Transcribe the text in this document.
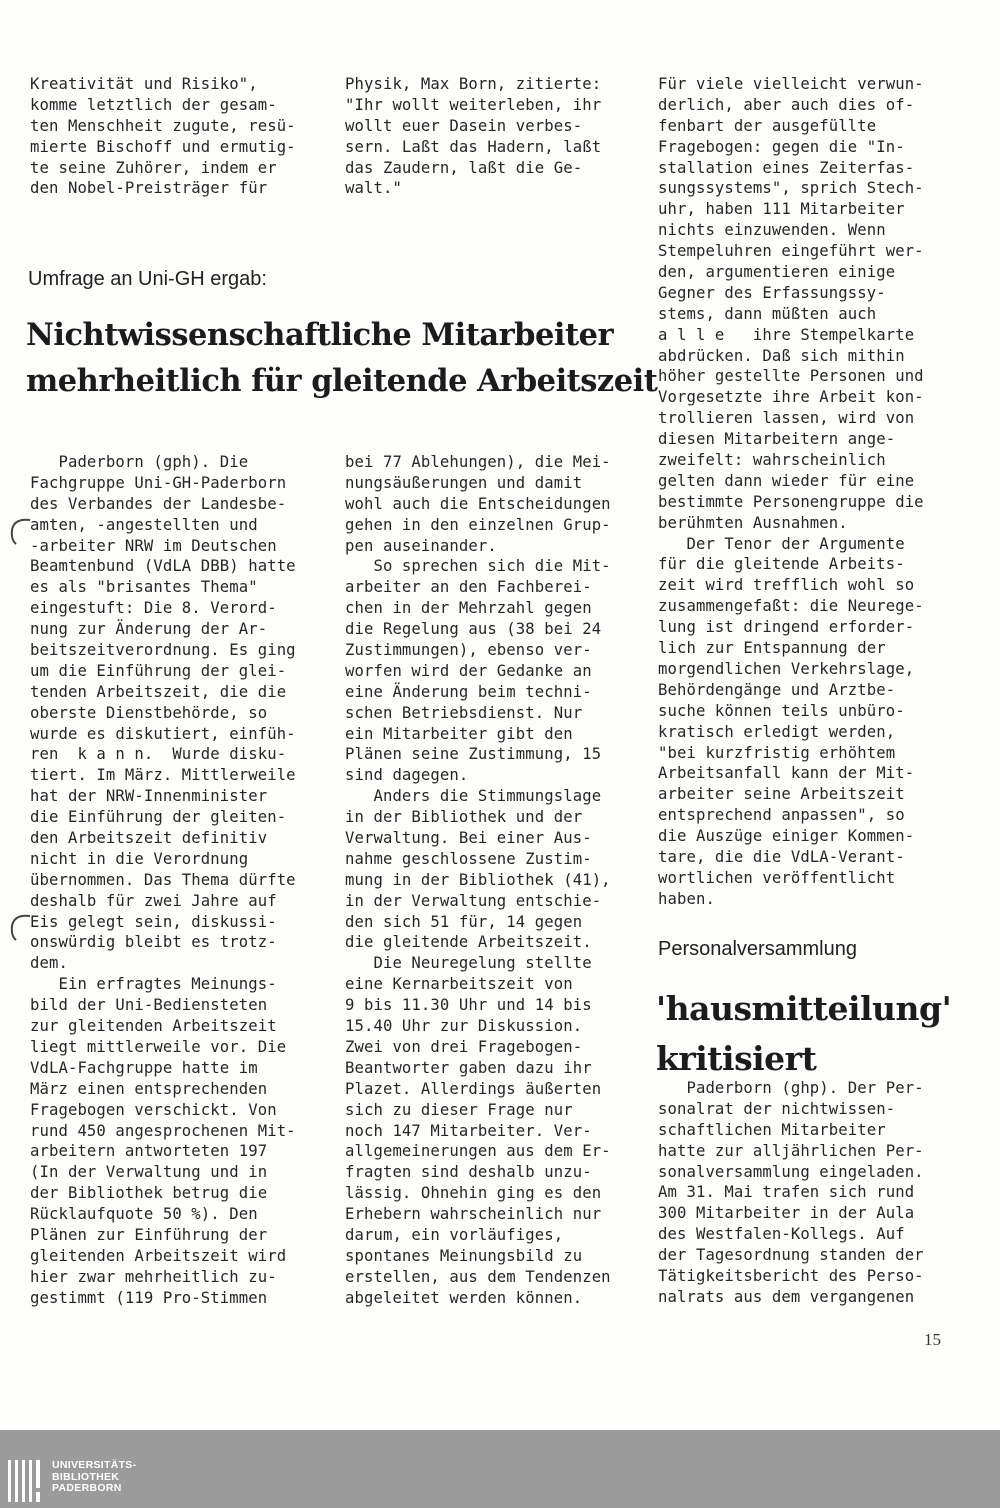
Kreativität und Risiko",
komme letztlich der gesam-
ten Menschheit zugute, resü-
mierte Bischoff und ermutig-
te seine Zuhörer, indem er
den Nobel-Preisträger für
Physik, Max Born, zitierte:
"Ihr wollt weiterleben, ihr
wollt euer Dasein verbes-
sern. Laßt das Hadern, laßt
das Zaudern, laßt die Ge-
walt."
Für viele vielleicht verwun-
derlich, aber auch dies of-
fenbart der ausgefüllte
Fragebogen: gegen die "In-
stallation eines Zeiterfas-
sungssystems", sprich Stech-
uhr, haben 111 Mitarbeiter
nichts einzuwenden. Wenn
Stempeluhren eingeführt wer-
den, argumentieren einige
Gegner des Erfassungssy-
stems, dann müßten auch
a l l e   ihre Stempelkarte
abdrücken. Daß sich mithin
höher gestellte Personen und
Vorgesetzte ihre Arbeit kon-
trollieren lassen, wird von
diesen Mitarbeitern ange-
zweifelt: wahrscheinlich
gelten dann wieder für eine
bestimmte Personengruppe die
berühmten Ausnahmen.
Der Tenor der Argumente
für die gleitende Arbeits-
zeit wird trefflich wohl so
zusammengefaßt: die Neurege-
lung ist dringend erforder-
lich zur Entspannung der
morgendlichen Verkehrslage,
Behördengänge und Arztbe-
suche können teils unbüro-
kratisch erledigt werden,
"bei kurzfristig erhöhtem
Arbeitsanfall kann der Mit-
arbeiter seine Arbeitszeit
entsprechend anpassen", so
die Auszüge einiger Kommen-
tare, die die VdLA-Verant-
wortlichen veröffentlicht
haben.
Umfrage an Uni-GH ergab:
Nichtwissenschaftliche Mitarbeiter
mehrheitlich für gleitende Arbeitszeit
Paderborn (gph). Die
Fachgruppe Uni-GH-Paderborn
des Verbandes der Landesbe-
amten, -angestellten und
-arbeiter NRW im Deutschen
Beamtenbund (VdLA DBB) hatte
es als "brisantes Thema"
eingestuft: Die 8. Verord-
nung zur Änderung der Ar-
beitszeitverordnung. Es ging
um die Einführung der glei-
tenden Arbeitszeit, die die
oberste Dienstbehörde, so
wurde es diskutiert, einfüh-
ren  k a n n.  Wurde disku-
tiert. Im März. Mittlerweile
hat der NRW-Innenminister
die Einführung der gleiten-
den Arbeitszeit definitiv
nicht in die Verordnung
übernommen. Das Thema dürfte
deshalb für zwei Jahre auf
Eis gelegt sein, diskussi-
onswürdig bleibt es trotz-
dem.
Ein erfragtes Meinungs-
bild der Uni-Bediensteten
zur gleitenden Arbeitszeit
liegt mittlerweile vor. Die
VdLA-Fachgruppe hatte im
März einen entsprechenden
Fragebogen verschickt. Von
rund 450 angesprochenen Mit-
arbeitern antworteten 197
(In der Verwaltung und in
der Bibliothek betrug die
Rücklaufquote 50 %). Den
Plänen zur Einführung der
gleitenden Arbeitszeit wird
hier zwar mehrheitlich zu-
gestimmt (119 Pro-Stimmen
bei 77 Ablehungen), die Mei-
nungsäußerungen und damit
wohl auch die Entscheidungen
gehen in den einzelnen Grup-
pen auseinander.
So sprechen sich die Mit-
arbeiter an den Fachberei-
chen in der Mehrzahl gegen
die Regelung aus (38 bei 24
Zustimmungen), ebenso ver-
worfen wird der Gedanke an
eine Änderung beim techni-
schen Betriebsdienst. Nur
ein Mitarbeiter gibt den
Plänen seine Zustimmung, 15
sind dagegen.
Anders die Stimmungslage
in der Bibliothek und der
Verwaltung. Bei einer Aus-
nahme geschlossene Zustim-
mung in der Bibliothek (41),
in der Verwaltung entschie-
den sich 51 für, 14 gegen
die gleitende Arbeitszeit.
Die Neuregelung stellte
eine Kernarbeitszeit von
9 bis 11.30 Uhr und 14 bis
15.40 Uhr zur Diskussion.
Zwei von drei Fragebogen-
Beantworter gaben dazu ihr
Plazet. Allerdings äußerten
sich zu dieser Frage nur
noch 147 Mitarbeiter. Ver-
allgemeinerungen aus dem Er-
fragten sind deshalb unzu-
lässig. Ohnehin ging es den
Erhebern wahrscheinlich nur
darum, ein vorläufiges,
spontanes Meinungsbild zu
erstellen, aus dem Tendenzen
abgeleitet werden können.
Personalversammlung
'hausmitteilung'
kritisiert
Paderborn (ghp). Der Per-
sonalrat der nichtwissen-
schaftlichen Mitarbeiter
hatte zur alljährlichen Per-
sonalversammlung eingeladen.
Am 31. Mai trafen sich rund
300 Mitarbeiter in der Aula
des Westfalen-Kollegs. Auf
der Tagesordnung standen der
Tätigkeitsbericht des Perso-
nalrats aus dem vergangenen
15
UNIVERSITÄTS-
BIBLIOTHEK
PADERBORN
